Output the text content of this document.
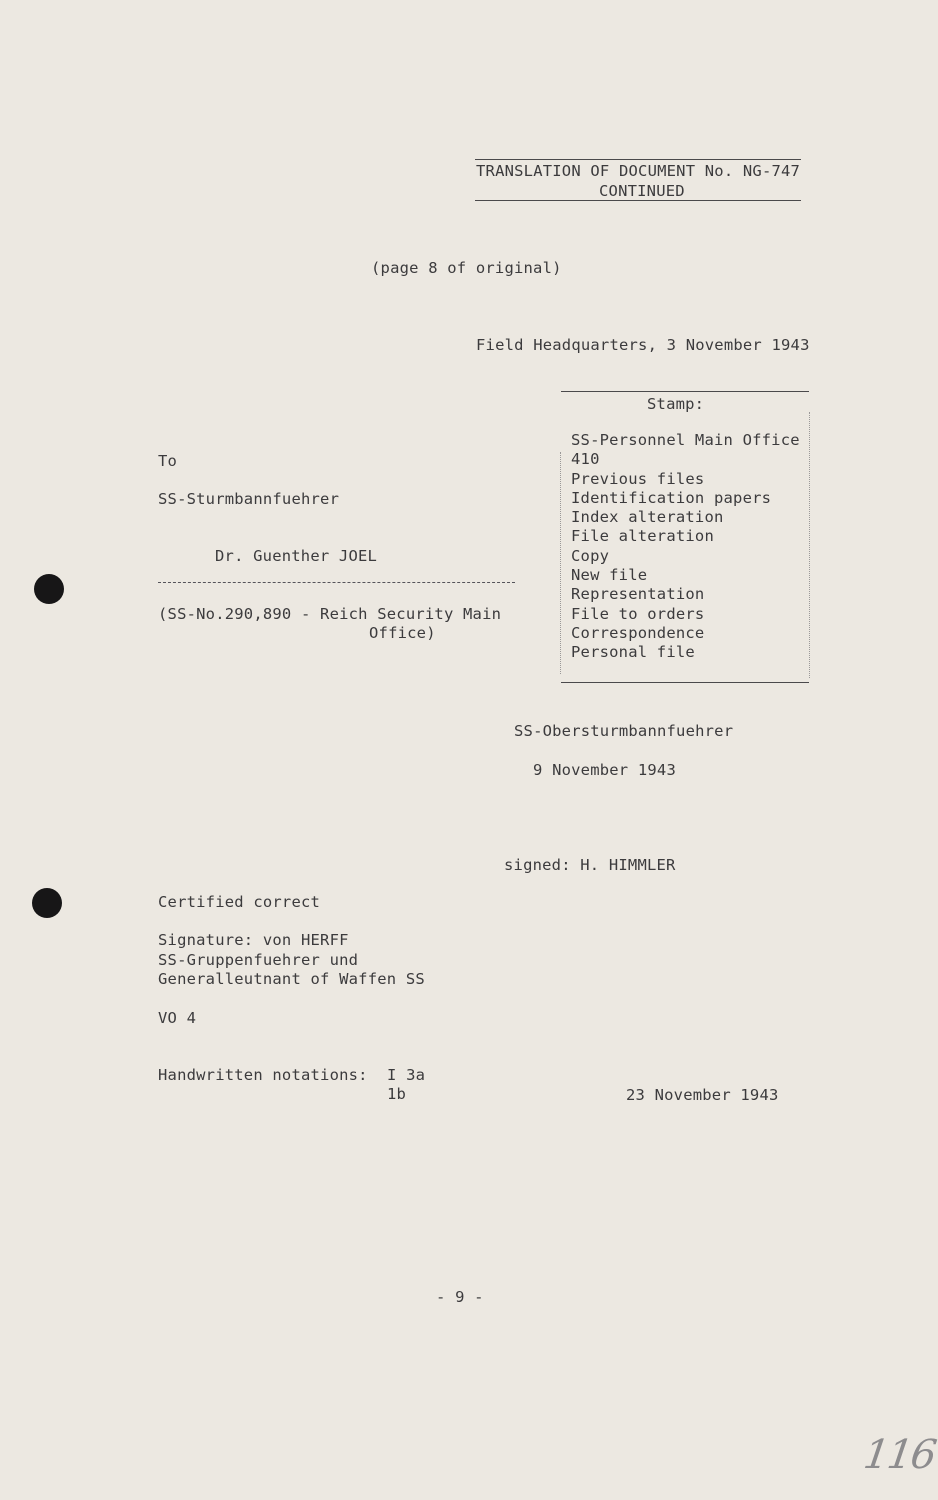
TRANSLATION OF DOCUMENT No. NG-747
CONTINUED
(page 8 of original)
Field Headquarters, 3 November 1943
Stamp:
SS-Personnel Main Office
410
Previous files
Identification papers
Index alteration
File alteration
Copy
New file
Representation
File to orders
Correspondence
Personal file
To
SS-Sturmbannfuehrer
Dr. Guenther JOEL
(SS-No.290,890 - Reich Security Main
Office)
SS-Obersturmbannfuehrer
9 November 1943
signed: H. HIMMLER
Certified correct
Signature: von HERFF
SS-Gruppenfuehrer und
Generalleutnant of Waffen SS
VO 4
Handwritten notations: I 3a
1b	23 November 1943
- 9 -
116
